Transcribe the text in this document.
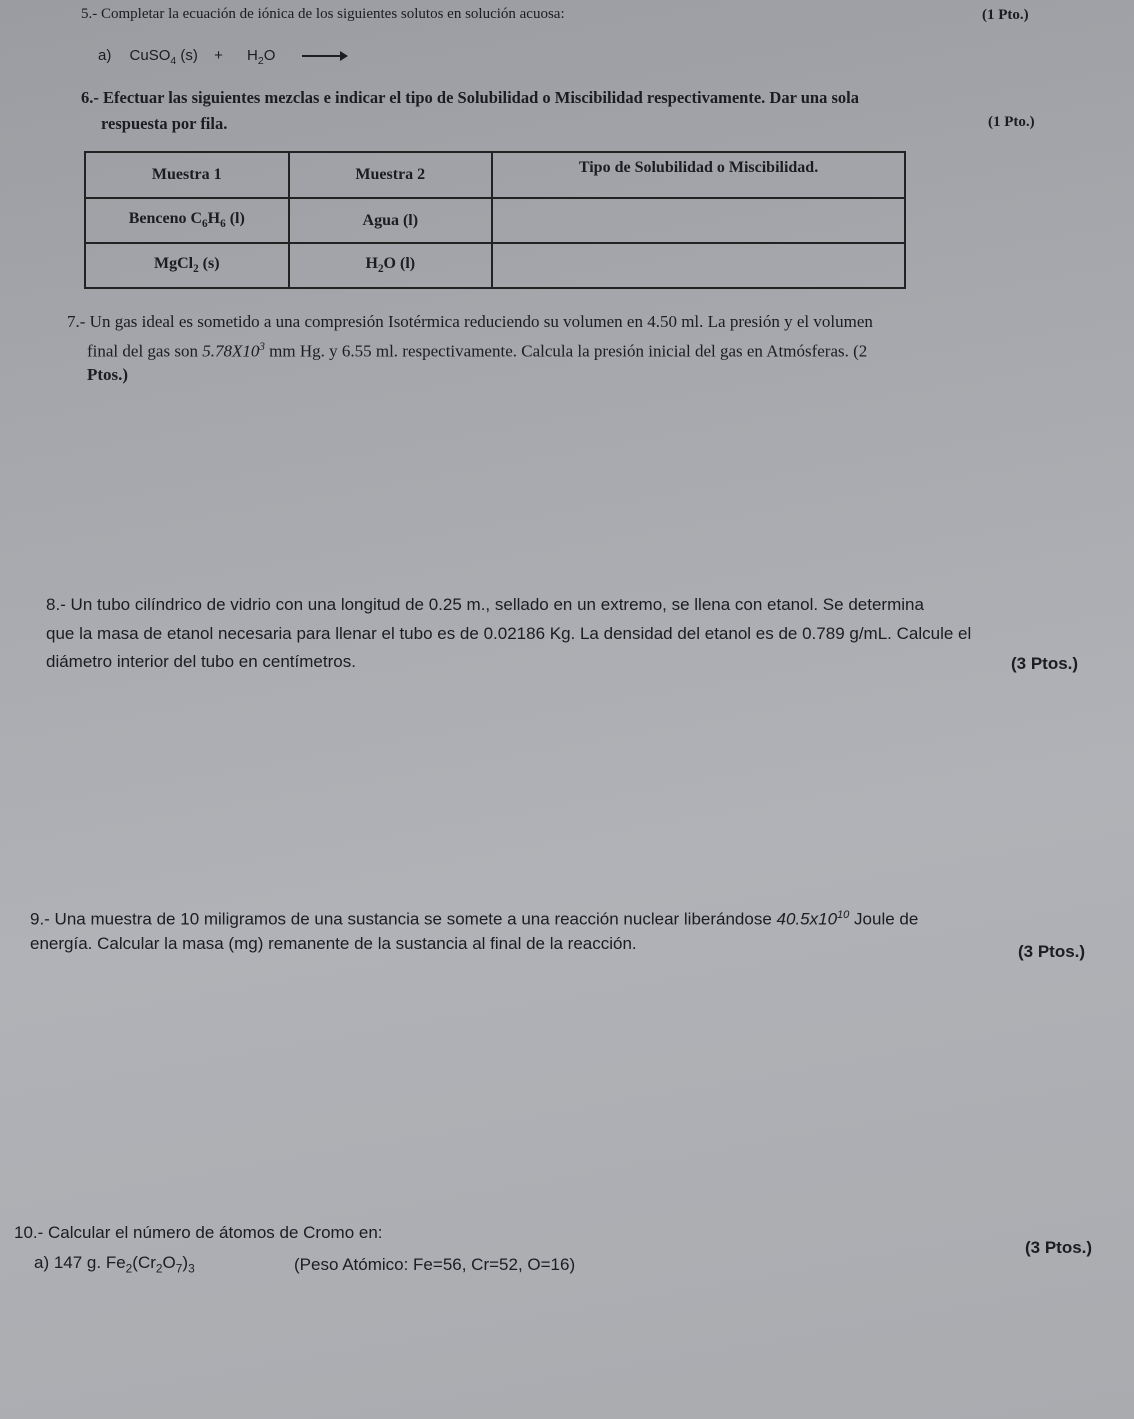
5.- Completar la ecuación de iónica de los siguientes solutos en solución acuosa:	(1 Pto.)
a) CuSO$_4$ $(s) + H_2O$
6.- Efectuar las siguientes mezclas e indicar el tipo de Solubilidad o Miscibilidad respectivamente. Dar una sola
respuesta por fila.	(1 Pto.)
Muestra 1	Muestra 2	Tipo de Solubilidad o Miscibilidad.
Benceno $C_6H_6$ (l)	Agua (l)	
MgCl$_2$ (s)	$H_2O$ (l)	
7.- Un gas ideal es sometido a una compresión Isotérmica reduciendo su volumen en 4.50 ml. La presión y el volumen
final del gas son $5.78X10^3$ mm Hg. y 6.55 ml. respectivamente. Calcula la presión inicial del gas en Atmósferas. (2
Ptos.)
8.- Un tubo cilíndrico de vidrio con una longitud de 0.25 m., sellado en un extremo, se llena con etanol. Se determina
que la masa de etanol necesaria para llenar el tubo es de 0.02186 Kg. La densidad del etanol es de 0.789 g/mL. Calcule el
diámetro interior del tubo en centímetros.	(3 Ptos.)
9.- Una muestra de 10 miligramos de una sustancia se somete a una reacción nuclear liberándose $40.5x10^{10}$ Joule de
energía. Calcular la masa (mg) remanente de la sustancia al final de la reacción.	(3 Ptos.)
10.- Calcular el número de átomos de Cromo en:
(3 Ptos.)
a) 147 g. $Fe_2(Cr_2O_7)_3$	(Peso Atómico: Fe=56, Cr=52, O=16)
